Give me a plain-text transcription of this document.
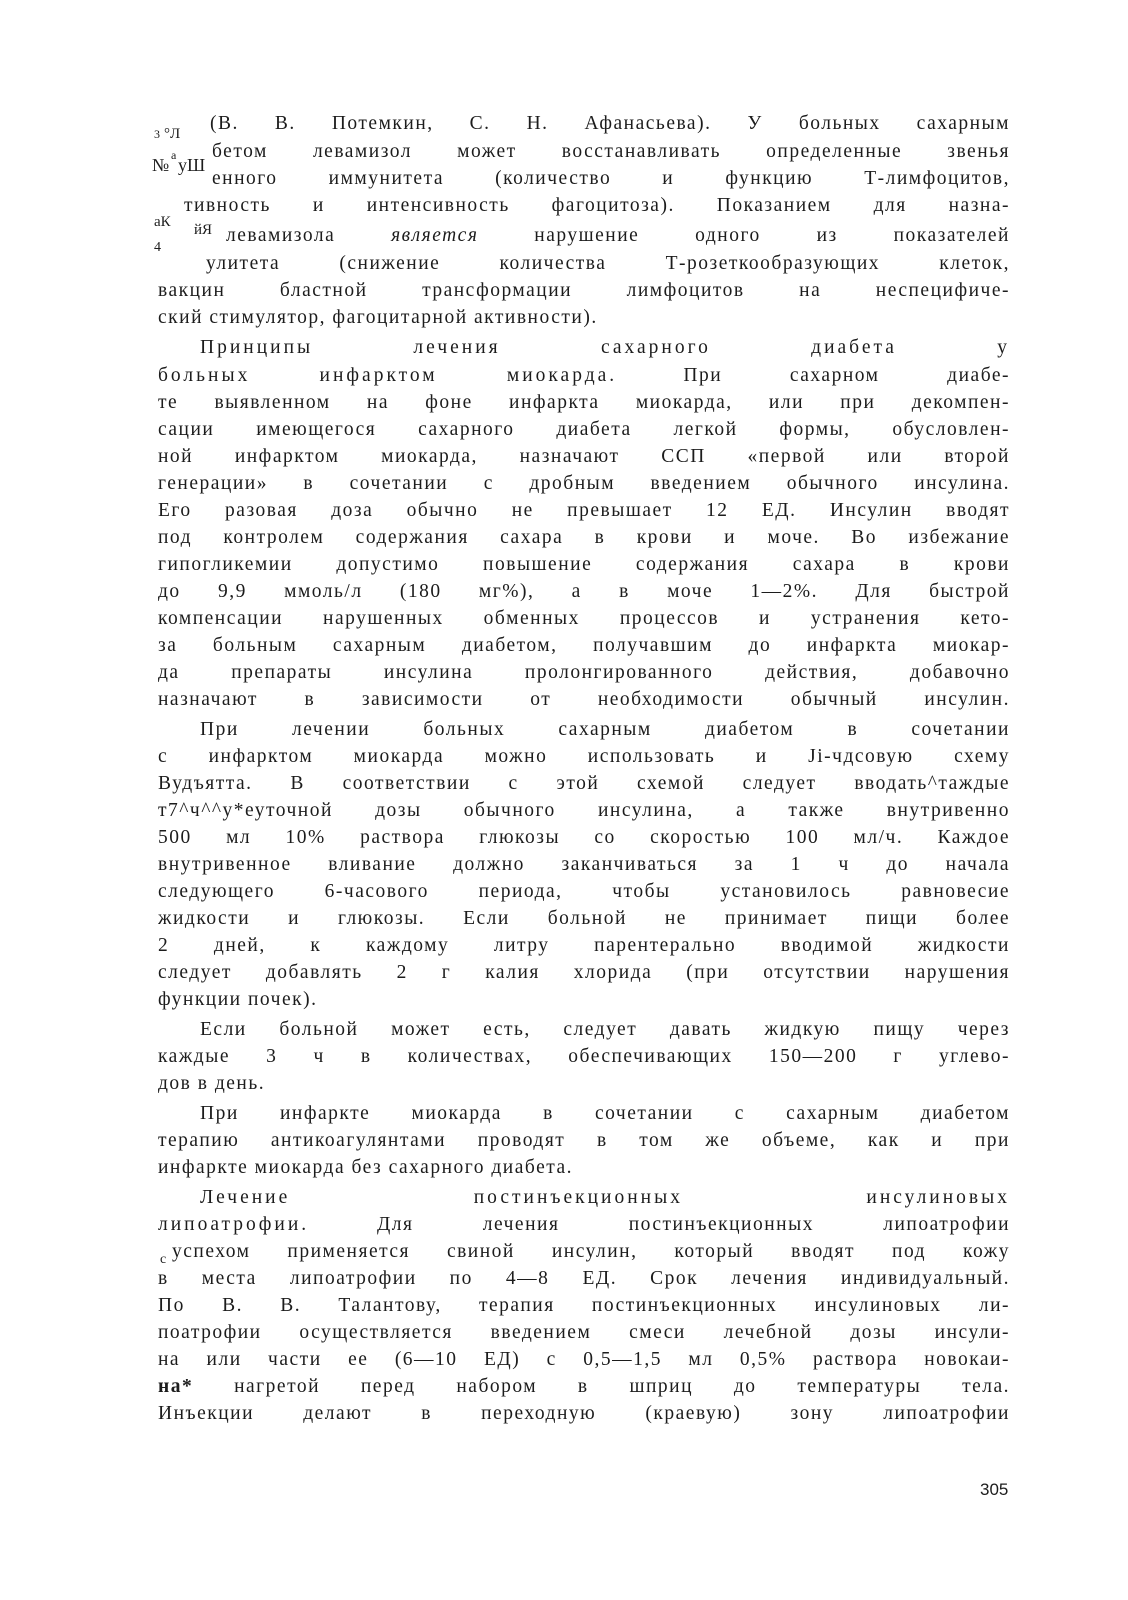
3 °Л
№ а уШ
аК йЯ
4
с
(В. В. Потемкин, С. Н. Афанасьева). У больных сахарным
бетом левамизол может восстанавливать определенные звенья
енного иммунитета (количество и функцию Т-лимфоцитов,
тивность и интенсивность фагоцитоза). Показанием для назна-
левамизола	является	нарушение одного из показателей
улитета (снижение количества Т-розеткообразующих клеток,
вакцин бластной трансформации лимфоцитов на неспецифиче-
ский стимулятор, фагоцитарной активности).
Принципы лечения сахарного диабета у
больных инфарктом миокарда.	При сахарном диабе-
те выявленном на фоне инфаркта миокарда, или при декомпен-
сации имеющегося сахарного диабета легкой формы, обусловлен-
ной инфарктом миокарда, назначают ССП «первой или второй
генерации» в сочетании с дробным введением обычного инсулина.
Его разовая доза обычно не превышает 12 ЕД. Инсулин вводят
под контролем содержания сахара в крови и моче. Во избежание
гипогликемии допустимо повышение содержания сахара в крови
до 9,9 ммоль/л (180 мг%), а в моче 1—2%. Для быстрой
компенсации нарушенных обменных процессов и устранения кето-
за больным сахарным диабетом, получавшим до инфаркта миокар-
да препараты инсулина пролонгированного действия, добавочно
назначают в зависимости от необходимости обычный инсулин.
При лечении больных сахарным диабетом в сочетании
с инфарктом миокарда можно использовать и Ji-чдсовую схему
Вудъятта. В соответствии с этой схемой следует вводать^таждые
т7^ч^^у*еуточной дозы обычного инсулина, а также внутривенно
500 мл 10% раствора глюкозы со скоростью 100 мл/ч. Каждое
внутривенное вливание должно заканчиваться за 1 ч до начала
следующего 6-часового периода, чтобы установилось равновесие
жидкости и глюкозы. Если больной не принимает пищи более
2 дней, к каждому литру парентерально вводимой жидкости
следует добавлять 2 г калия хлорида (при отсутствии нарушения
функции почек).
Если больной может есть, следует давать жидкую пищу через
каждые 3 ч в количествах, обеспечивающих 150—200 г углево-
дов в день.
При инфаркте миокарда в сочетании с сахарным диабетом
терапию антикоагулянтами проводят в том же объеме, как и при
инфаркте миокарда без сахарного диабета.
Лечение постинъекционных инсулиновых
липоатрофии.	Для лечения постинъекционных липоатрофии
успехом применяется свиной инсулин, который вводят под кожу
в места липоатрофии по 4—8 ЕД. Срок лечения индивидуальный.
По В. В. Талантову, терапия постинъекционных инсулиновых ли-
поатрофии осуществляется введением смеси лечебной дозы инсули-
на или части ее (6—10 ЕД) с 0,5—1,5 мл 0,5% раствора новокаи-
на* нагретой перед набором в шприц до температуры тела.
Инъекции делают в переходную (краевую) зону липоатрофии
305
